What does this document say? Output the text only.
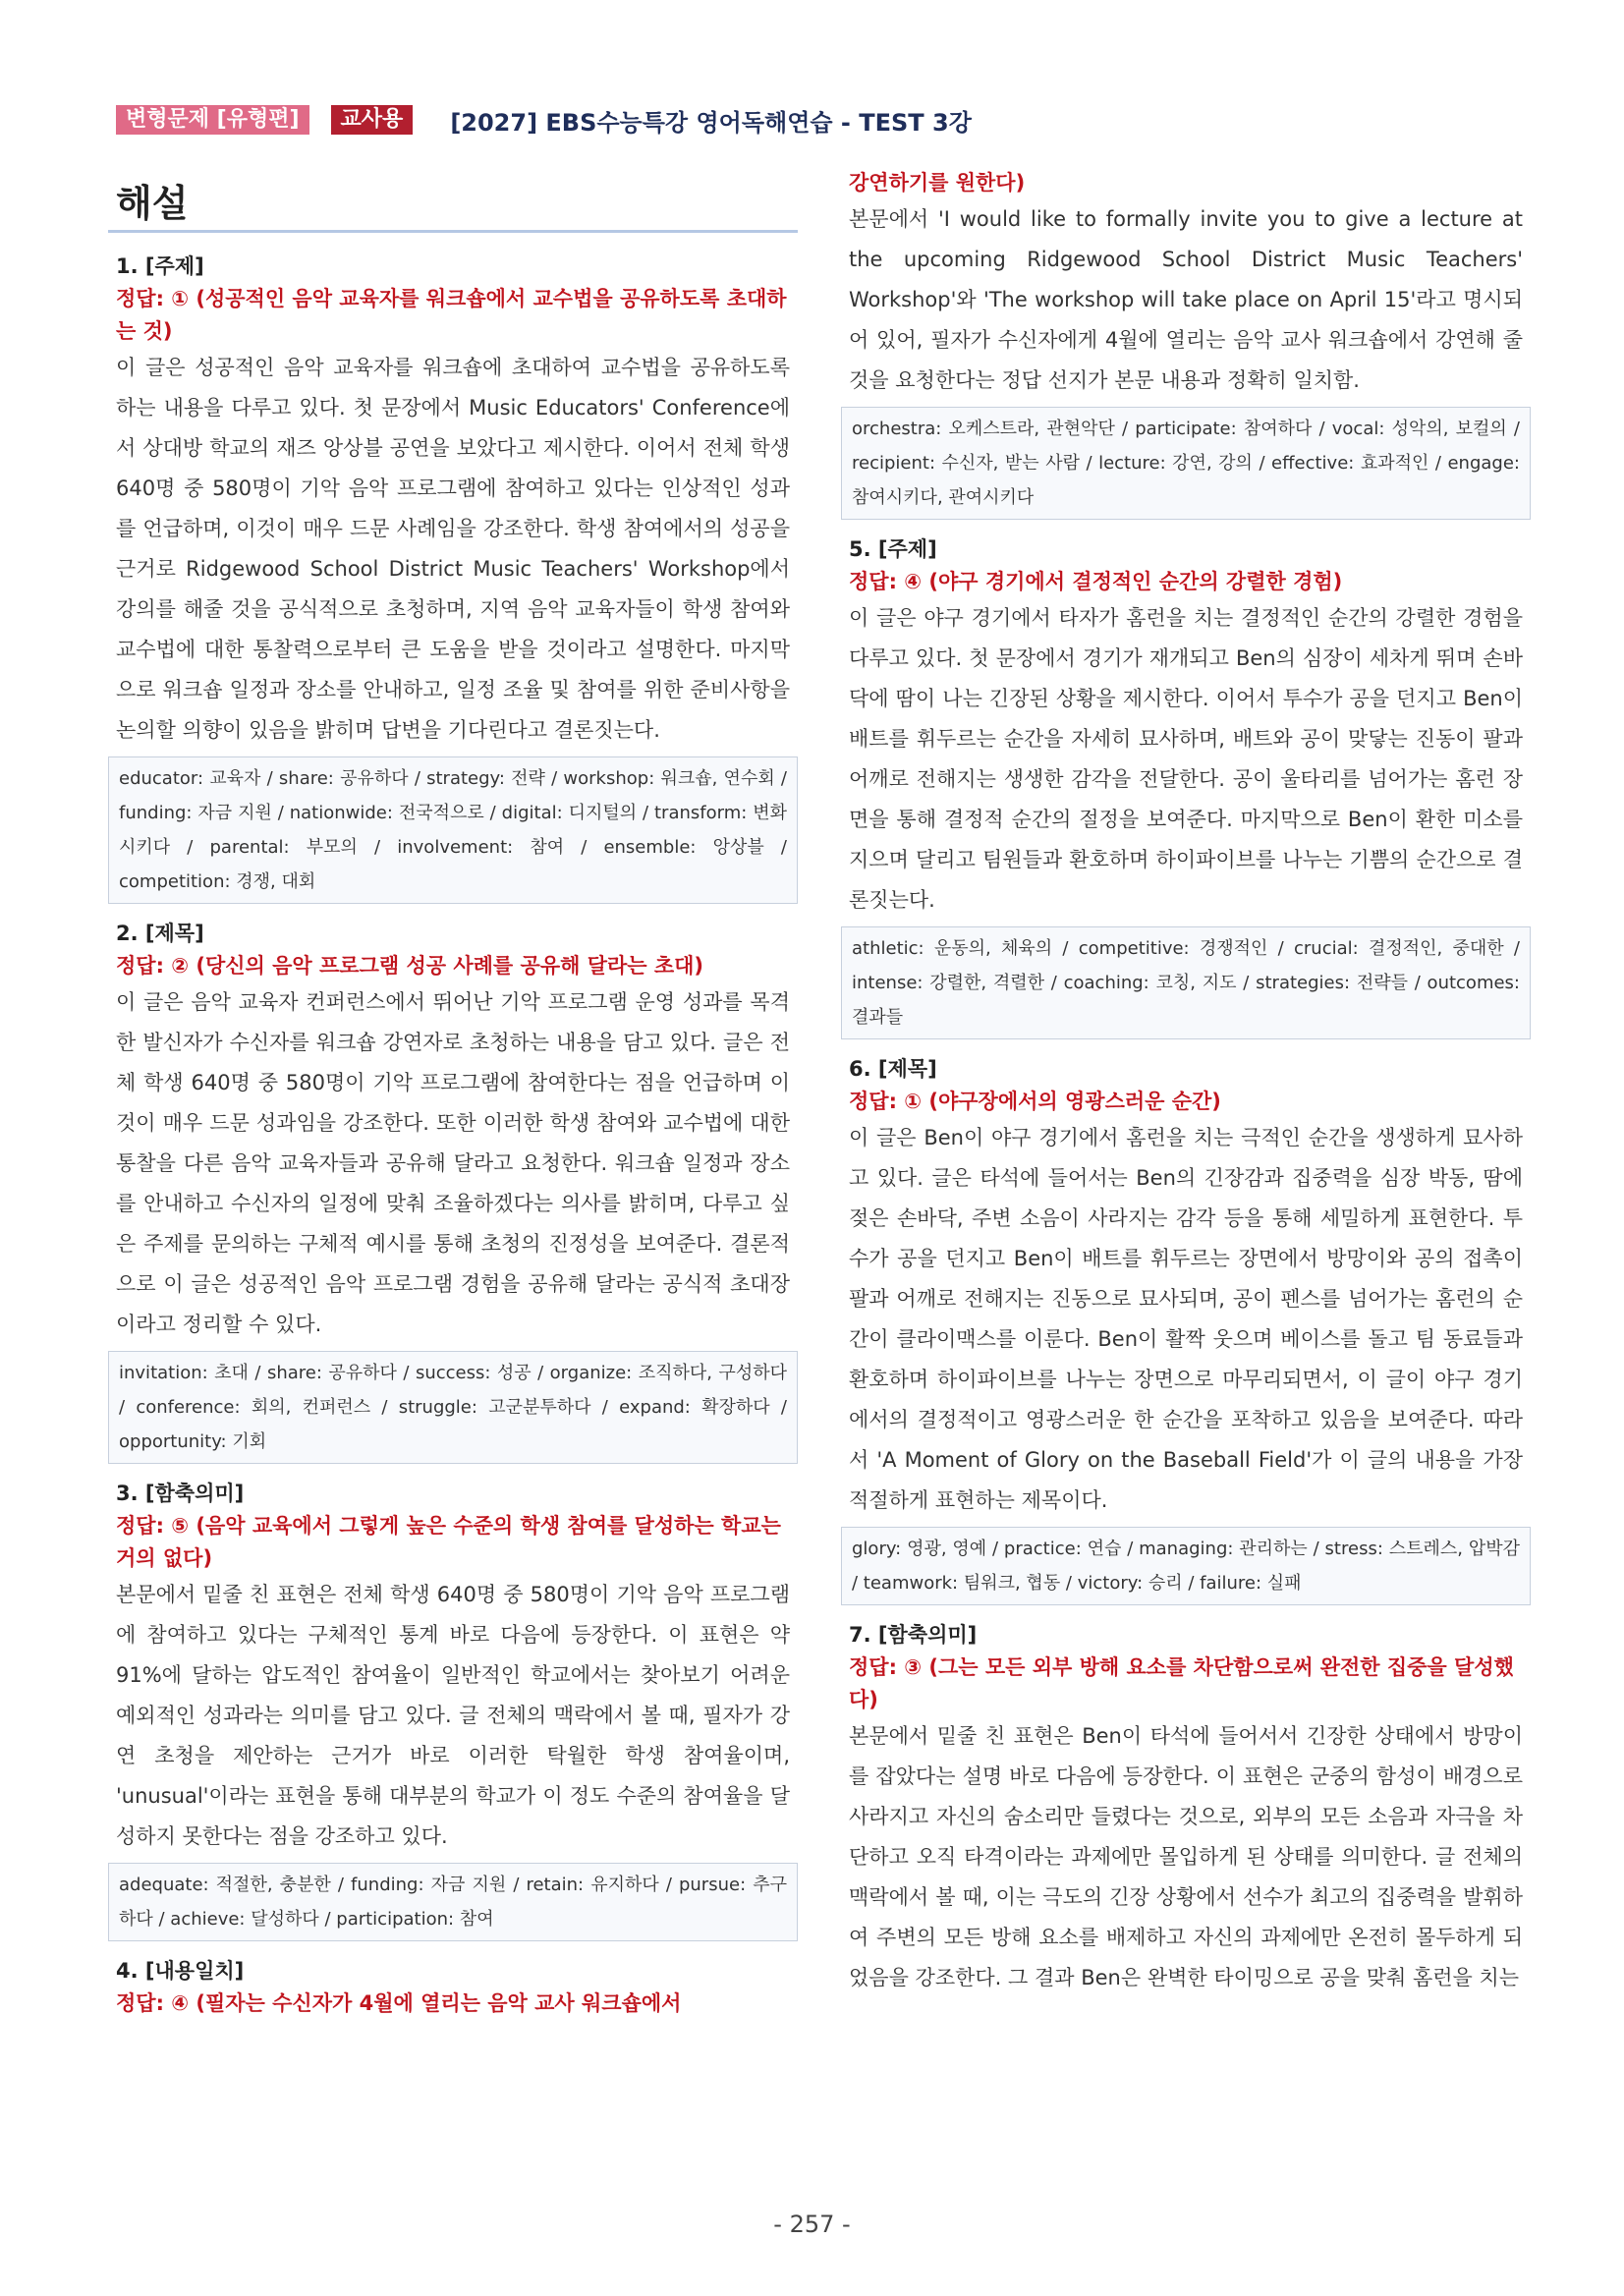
변형문제 [유형편]	교사용	[2027] EBS수능특강 영어독해연습 - TEST 3강
해설
1. [주제]
정답: ① (성공적인 음악 교육자를 워크숍에서 교수법을 공유하도록 초대하는 것)
이 글은 성공적인 음악 교육자를 워크숍에 초대하여 교수법을 공유하도록 하는 내용을 다루고 있다. 첫 문장에서 Music Educators' Conference에서 상대방 학교의 재즈 앙상블 공연을 보았다고 제시한다. 이어서 전체 학생 640명 중 580명이 기악 음악 프로그램에 참여하고 있다는 인상적인 성과를 언급하며, 이것이 매우 드문 사례임을 강조한다. 학생 참여에서의 성공을 근거로 Ridgewood School District Music Teachers' Workshop에서 강의를 해줄 것을 공식적으로 초청하며, 지역 음악 교육자들이 학생 참여와 교수법에 대한 통찰력으로부터 큰 도움을 받을 것이라고 설명한다. 마지막으로 워크숍 일정과 장소를 안내하고, 일정 조율 및 참여를 위한 준비사항을 논의할 의향이 있음을 밝히며 답변을 기다린다고 결론짓는다.
educator: 교육자 / share: 공유하다 / strategy: 전략 / workshop: 워크숍, 연수회 / funding: 자금 지원 / nationwide: 전국적으로 / digital: 디지털의 / transform: 변화시키다 / parental: 부모의 / involvement: 참여 / ensemble: 앙상블 / competition: 경쟁, 대회
2. [제목]
정답: ② (당신의 음악 프로그램 성공 사례를 공유해 달라는 초대)
이 글은 음악 교육자 컨퍼런스에서 뛰어난 기악 프로그램 운영 성과를 목격한 발신자가 수신자를 워크숍 강연자로 초청하는 내용을 담고 있다. 글은 전체 학생 640명 중 580명이 기악 프로그램에 참여한다는 점을 언급하며 이것이 매우 드문 성과임을 강조한다. 또한 이러한 학생 참여와 교수법에 대한 통찰을 다른 음악 교육자들과 공유해 달라고 요청한다. 워크숍 일정과 장소를 안내하고 수신자의 일정에 맞춰 조율하겠다는 의사를 밝히며, 다루고 싶은 주제를 문의하는 구체적 예시를 통해 초청의 진정성을 보여준다. 결론적으로 이 글은 성공적인 음악 프로그램 경험을 공유해 달라는 공식적 초대장이라고 정리할 수 있다.
invitation: 초대 / share: 공유하다 / success: 성공 / organize: 조직하다, 구성하다 / conference: 회의, 컨퍼런스 / struggle: 고군분투하다 / expand: 확장하다 / opportunity: 기회
3. [함축의미]
정답: ⑤ (음악 교육에서 그렇게 높은 수준의 학생 참여를 달성하는 학교는 거의 없다)
본문에서 밑줄 친 표현은 전체 학생 640명 중 580명이 기악 음악 프로그램에 참여하고 있다는 구체적인 통계 바로 다음에 등장한다. 이 표현은 약 91%에 달하는 압도적인 참여율이 일반적인 학교에서는 찾아보기 어려운 예외적인 성과라는 의미를 담고 있다. 글 전체의 맥락에서 볼 때, 필자가 강연 초청을 제안하는 근거가 바로 이러한 탁월한 학생 참여율이며, 'unusual'이라는 표현을 통해 대부분의 학교가 이 정도 수준의 참여율을 달성하지 못한다는 점을 강조하고 있다.
adequate: 적절한, 충분한 / funding: 자금 지원 / retain: 유지하다 / pursue: 추구하다 / achieve: 달성하다 / participation: 참여
4. [내용일치]
정답: ④ (필자는 수신자가 4월에 열리는 음악 교사 워크숍에서
강연하기를 원한다)
본문에서 'I would like to formally invite you to give a lecture at the upcoming Ridgewood School District Music Teachers' Workshop'와 'The workshop will take place on April 15'라고 명시되어 있어, 필자가 수신자에게 4월에 열리는 음악 교사 워크숍에서 강연해 줄 것을 요청한다는 정답 선지가 본문 내용과 정확히 일치함.
orchestra: 오케스트라, 관현악단 / participate: 참여하다 / vocal: 성악의, 보컬의 / recipient: 수신자, 받는 사람 / lecture: 강연, 강의 / effective: 효과적인 / engage: 참여시키다, 관여시키다
5. [주제]
정답: ④ (야구 경기에서 결정적인 순간의 강렬한 경험)
이 글은 야구 경기에서 타자가 홈런을 치는 결정적인 순간의 강렬한 경험을 다루고 있다. 첫 문장에서 경기가 재개되고 Ben의 심장이 세차게 뛰며 손바닥에 땀이 나는 긴장된 상황을 제시한다. 이어서 투수가 공을 던지고 Ben이 배트를 휘두르는 순간을 자세히 묘사하며, 배트와 공이 맞닿는 진동이 팔과 어깨로 전해지는 생생한 감각을 전달한다. 공이 울타리를 넘어가는 홈런 장면을 통해 결정적 순간의 절정을 보여준다. 마지막으로 Ben이 환한 미소를 지으며 달리고 팀원들과 환호하며 하이파이브를 나누는 기쁨의 순간으로 결론짓는다.
athletic: 운동의, 체육의 / competitive: 경쟁적인 / crucial: 결정적인, 중대한 / intense: 강렬한, 격렬한 / coaching: 코칭, 지도 / strategies: 전략들 / outcomes: 결과들
6. [제목]
정답: ① (야구장에서의 영광스러운 순간)
이 글은 Ben이 야구 경기에서 홈런을 치는 극적인 순간을 생생하게 묘사하고 있다. 글은 타석에 들어서는 Ben의 긴장감과 집중력을 심장 박동, 땀에 젖은 손바닥, 주변 소음이 사라지는 감각 등을 통해 세밀하게 표현한다. 투수가 공을 던지고 Ben이 배트를 휘두르는 장면에서 방망이와 공의 접촉이 팔과 어깨로 전해지는 진동으로 묘사되며, 공이 펜스를 넘어가는 홈런의 순간이 클라이맥스를 이룬다. Ben이 활짝 웃으며 베이스를 돌고 팀 동료들과 환호하며 하이파이브를 나누는 장면으로 마무리되면서, 이 글이 야구 경기에서의 결정적이고 영광스러운 한 순간을 포착하고 있음을 보여준다. 따라서 'A Moment of Glory on the Baseball Field'가 이 글의 내용을 가장 적절하게 표현하는 제목이다.
glory: 영광, 영예 / practice: 연습 / managing: 관리하는 / stress: 스트레스, 압박감 / teamwork: 팀워크, 협동 / victory: 승리 / failure: 실패
7. [함축의미]
정답: ③ (그는 모든 외부 방해 요소를 차단함으로써 완전한 집중을 달성했다)
본문에서 밑줄 친 표현은 Ben이 타석에 들어서서 긴장한 상태에서 방망이를 잡았다는 설명 바로 다음에 등장한다. 이 표현은 군중의 함성이 배경으로 사라지고 자신의 숨소리만 들렸다는 것으로, 외부의 모든 소음과 자극을 차단하고 오직 타격이라는 과제에만 몰입하게 된 상태를 의미한다. 글 전체의 맥락에서 볼 때, 이는 극도의 긴장 상황에서 선수가 최고의 집중력을 발휘하여 주변의 모든 방해 요소를 배제하고 자신의 과제에만 온전히 몰두하게 되었음을 강조한다. 그 결과 Ben은 완벽한 타이밍으로 공을 맞춰 홈런을 치는
- 257 -
